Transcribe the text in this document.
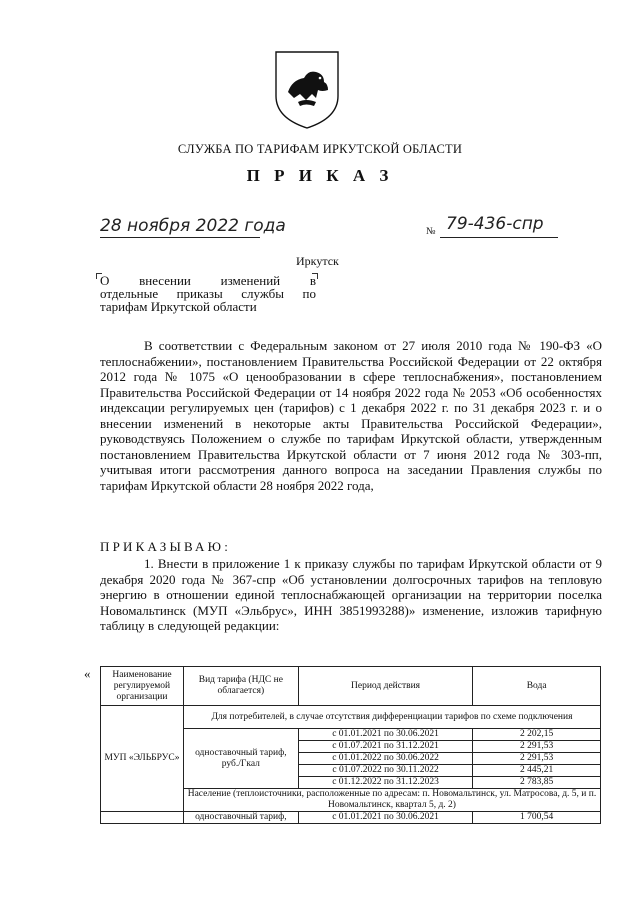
СЛУЖБА ПО ТАРИФАМ ИРКУТСКОЙ ОБЛАСТИ
П Р И К А З
28 ноября 2022 года	№ 79-436-спр
Иркутск
О внесении изменений в
отдельные приказы службы по
тарифам Иркутской области
В соответствии с Федеральным законом от 27 июля 2010 года № 190-ФЗ «О теплоснабжении», постановлением Правительства Российской Федерации от 22 октября 2012 года № 1075 «О ценообразовании в сфере теплоснабжения», постановлением Правительства Российской Федерации от 14 ноября 2022 года № 2053 «Об особенностях индексации регулируемых цен (тарифов) с 1 декабря 2022 г. по 31 декабря 2023 г. и о внесении изменений в некоторые акты Правительства Российской Федерации», руководствуясь Положением о службе по тарифам Иркутской области, утвержденным постановлением Правительства Иркутской области от 7 июня 2012 года № 303-пп, учитывая итоги рассмотрения данного вопроса на заседании Правления службы по тарифам Иркутской области 28 ноября 2022 года,
ПРИКАЗЫВАЮ:
1. Внести в приложение 1 к приказу службы по тарифам Иркутской области от 9 декабря 2020 года № 367-спр «Об установлении долгосрочных тарифов на тепловую энергию в отношении единой теплоснабжающей организации на территории поселка Новомальтинск (МУП «Эльбрус», ИНН 3851993288)» изменение, изложив тарифную таблицу в следующей редакции:
« Наименование регулируемой организации	Вид тарифа (НДС не облагается)	Период действия	Вода
МУП «ЭЛЬБРУС»	Для потребителей, в случае отсутствия дифференциации тарифов по схеме подключения		
	одноставочный тариф, руб./Гкал	с 01.01.2021 по 30.06.2021	2 202,15
		с 01.07.2021 по 31.12.2021	2 291,53
		с 01.01.2022 по 30.06.2022	2 291,53
		с 01.07.2022 по 30.11.2022	2 445,21
		с 01.12.2022 по 31.12.2023	2 783,85
	Население (теплоисточники, расположенные по адресам: п. Новомальтинск, ул. Матросова, д. 5, и п. Новомальтинск, квартал 5, д. 2)		
	одноставочный тариф,	с 01.01.2021 по 30.06.2021	1 700,54
